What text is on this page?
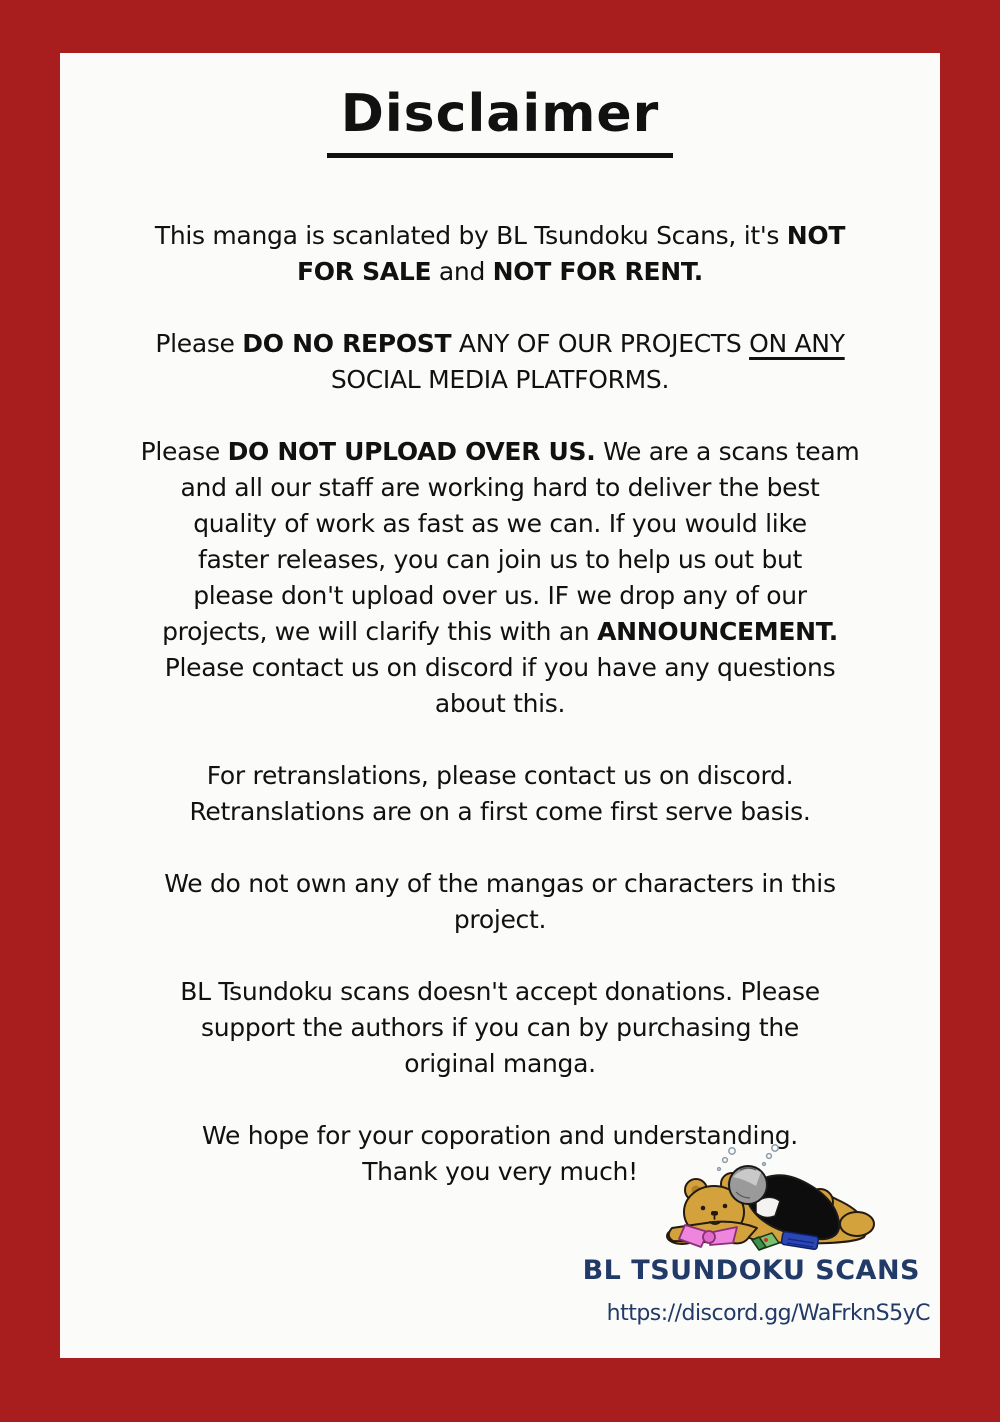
Disclaimer
This manga is scanlated by BL Tsundoku Scans, it's NOT
FOR SALE and NOT FOR RENT.
Please DO NO REPOST ANY OF OUR PROJECTS ON ANY
SOCIAL MEDIA PLATFORMS.
Please DO NOT UPLOAD OVER US. We are a scans team
and all our staff are working hard to deliver the best
quality of work as fast as we can. If you would like
faster releases, you can join us to help us out but
please don't upload over us. IF we drop any of our
projects, we will clarify this with an ANNOUNCEMENT.
Please contact us on discord if you have any questions
about this.
For retranslations, please contact us on discord.
Retranslations are on a first come first serve basis.
We do not own any of the mangas or characters in this
project.
BL Tsundoku scans doesn't accept donations. Please
support the authors if you can by purchasing the
original manga.
We hope for your coporation and understanding.
Thank you very much!
BL TSUNDOKU SCANS
https://discord.gg/WaFrknS5yC
